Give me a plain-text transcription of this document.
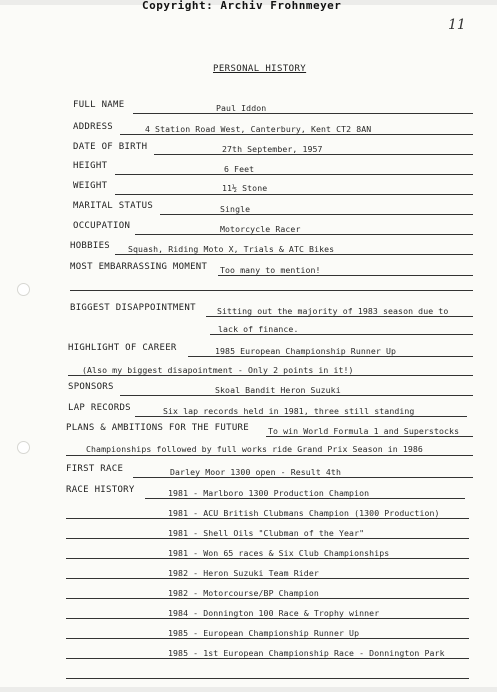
Copyright: Archiv Frohnmeyer
11
PERSONAL HISTORY
FULL NAME	Paul Iddon
ADDRESS	4 Station Road West, Canterbury, Kent CT2 8AN
DATE OF BIRTH	27th September, 1957
HEIGHT	6 Feet
WEIGHT	11½ Stone
MARITAL STATUS	Single
OCCUPATION	Motorcycle Racer
HOBBIES Squash, Riding Moto X, Trials & ATC Bikes
MOST EMBARRASSING MOMENT Too many to mention!
BIGGEST DISAPPOINTMENT	Sitting out the majority of 1983 season due to
lack of finance.
HIGHLIGHT OF CAREER	1985 European Championship Runner Up
(Also my biggest disapointment - Only 2 points in it!)
SPONSORS	Skoal Bandit Heron Suzuki
LAP RECORDS	Six lap records held in 1981, three still standing
PLANS & AMBITIONS FOR THE FUTURE To win World Formula 1 and Superstocks
Championships followed by full works ride Grand Prix Season in 1986
FIRST RACE	Darley Moor 1300 open - Result 4th
RACE HISTORY	1981 - Marlboro 1300 Production Champion
1981 - ACU British Clubmans Champion (1300 Production)
1981 - Shell Oils "Clubman of the Year"
1981 - Won 65 races & Six Club Championships
1982 - Heron Suzuki Team Rider
1982 - Motorcourse/BP Champion
1984 - Donnington 100 Race & Trophy winner
1985 - European Championship Runner Up
1985 - 1st European Championship Race - Donnington Park
